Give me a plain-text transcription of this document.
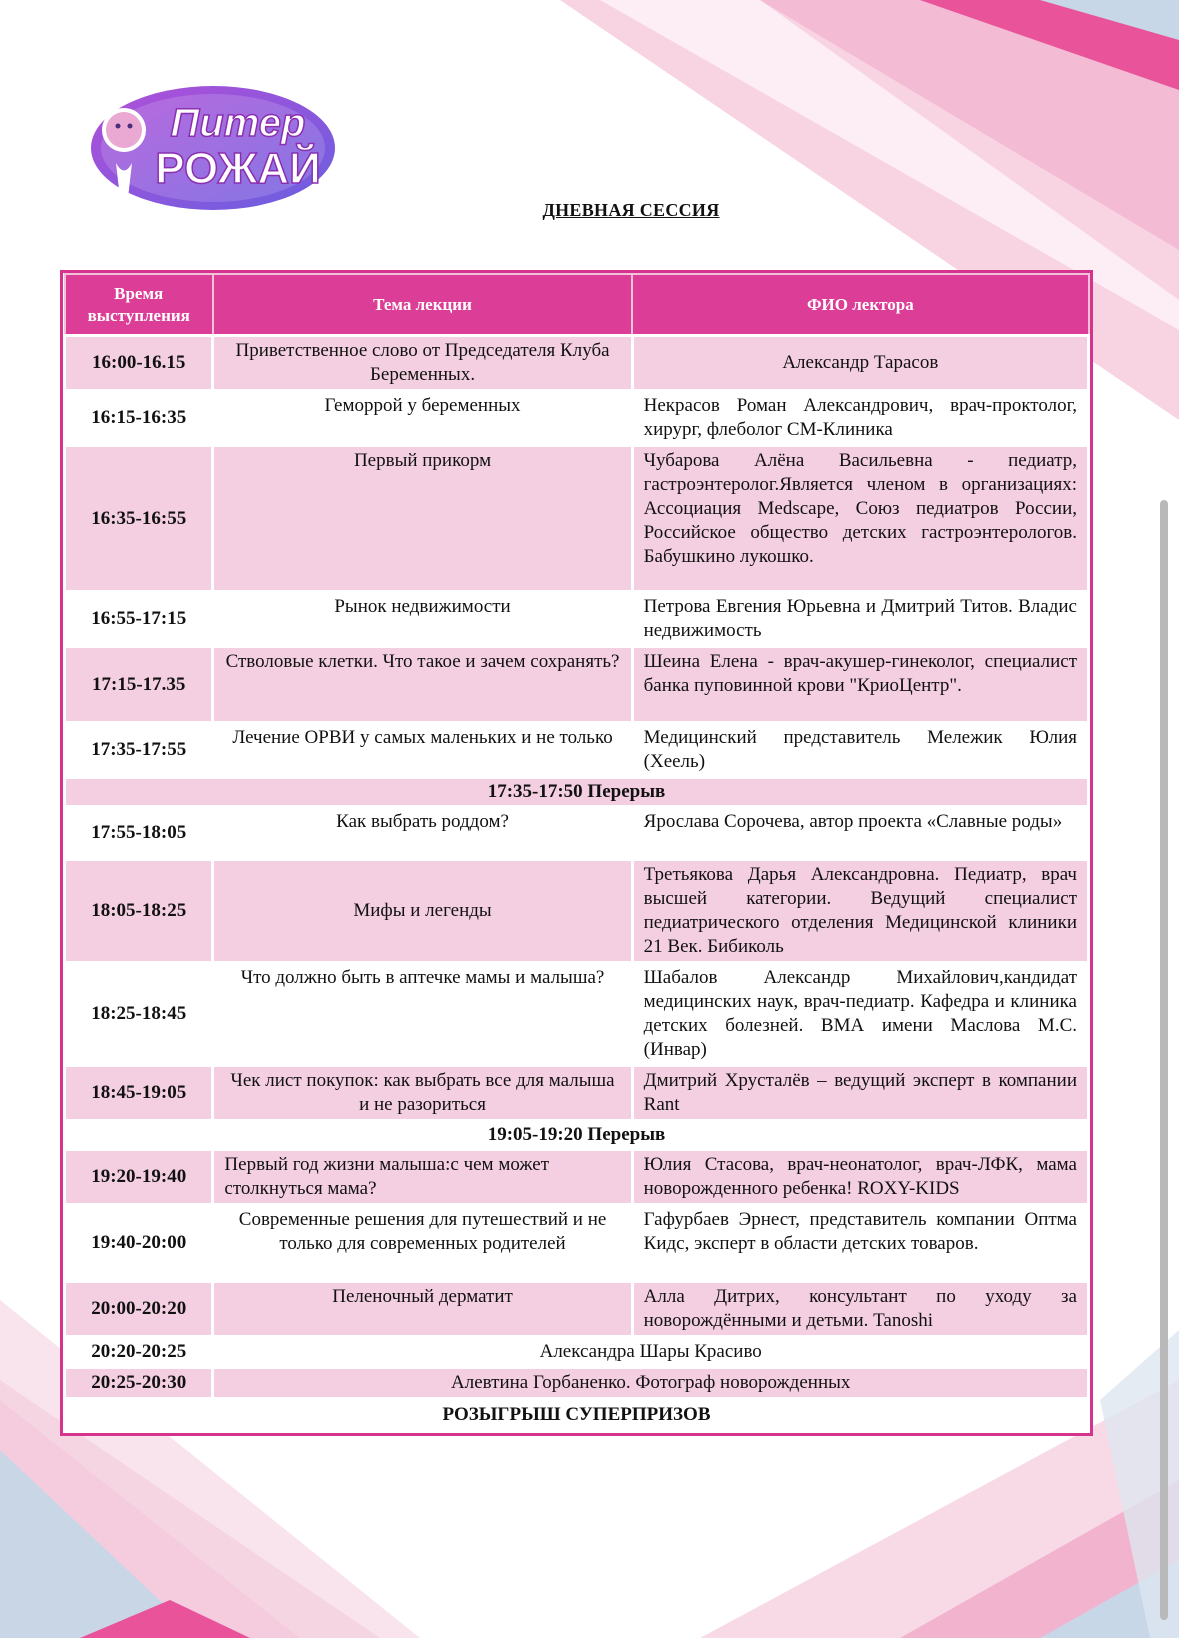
Питер
РОЖАЙ
ДНЕВНАЯ СЕССИЯ
Время выступления	Тема лекции	ФИО лектора
16:00-16.15	Приветственное слово от Председателя Клуба Беременных.	Александр Тарасов
16:15-16:35	Геморрой у беременных	Некрасов Роман Александрович, врач-проктолог, хирург, флеболог СМ-Клиника
16:35-16:55	Первый прикорм	Чубарова Алёна Васильевна - педиатр, гастроэнтеролог.Является членом в организациях: Ассоциация Medscape, Союз педиатров России, Российское общество детских гастроэнтерологов. Бабушкино лукошко.
16:55-17:15	Рынок недвижимости	Петрова Евгения Юрьевна и Дмитрий Титов. Владис недвижимость
17:15-17.35	Стволовые клетки. Что такое и зачем сохранять?	Шеина Елена - врач-акушер-гинеколог, специалист банка пуповинной крови "КриоЦентр".
17:35-17:55	Лечение ОРВИ у самых маленьких и не только	Медицинский представитель Мележик Юлия (Хеель)
17:35-17:50 Перерыв		
17:55-18:05	Как выбрать роддом?	Ярослава Сорочева, автор проекта «Славные роды»
18:05-18:25	Мифы и легенды	Третьякова Дарья Александровна. Педиатр, врач высшей категории. Ведущий специалист педиатрического отделения Медицинской клиники 21 Век. Бибиколь
18:25-18:45	Что должно быть в аптечке мамы и малыша?	Шабалов Александр Михайлович,кандидат медицинских наук, врач-педиатр. Кафедра и клиника детских болезней. ВМА имени Маслова М.С. (Инвар)
18:45-19:05	Чек лист покупок: как выбрать все для малыша и не разориться	Дмитрий Хрусталёв – ведущий эксперт в компании Rant
19:05-19:20 Перерыв		
19:20-19:40	Первый год жизни малыша:с чем может столкнуться мама?	Юлия Стасова, врач-неонатолог, врач-ЛФК, мама новорожденного ребенка! ROXY-KIDS
19:40-20:00	Современные решения для путешествий и не только для современных родителей	Гафурбаев Эрнест, представитель компании Оптма Кидс, эксперт в области детских товаров.
20:00-20:20	Пеленочный дерматит	Алла Дитрих, консультант по уходу за новорождёнными и детьми. Tanoshi
20:20-20:25	Александра Шары Красиво	
20:25-20:30	Алевтина Горбаненко. Фотограф новорожденных	
РОЗЫГРЫШ СУПЕРПРИЗОВ		
